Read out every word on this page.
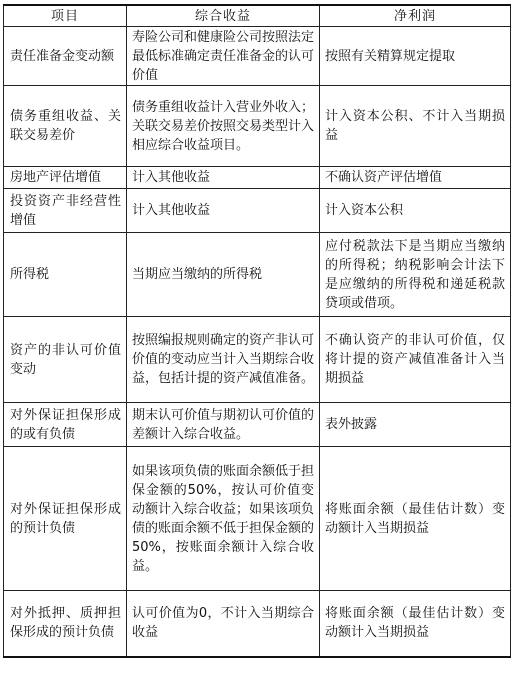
项目	综合收益	净利润
责任准备金变动额	寿险公司和健康险公司按照法定最低标准确定责任准备金的认可价值	按照有关精算规定提取
债务重组收益、关联交易差价	债务重组收益计入营业外收入；关联交易差价按照交易类型计入相应综合收益项目。	计入资本公积、不计入当期损益
房地产评估增值	计入其他收益	不确认资产评估增值
投资资产非经营性增值	计入其他收益	计入资本公积
所得税	当期应当缴纳的所得税	应付税款法下是当期应当缴纳的所得税；纳税影响会计法下是应缴纳的所得税和递延税款贷项或借项。
资产的非认可价值变动	按照编报规则确定的资产非认可价值的变动应当计入当期综合收益，包括计提的资产减值准备。	不确认资产的非认可价值，仅将计提的资产减值准备计入当期损益
对外保证担保形成的或有负债	期末认可价值与期初认可价值的差额计入综合收益。	表外披露
对外保证担保形成的预计负债	如果该项负债的账面余额低于担保金额的50%，按认可价值变动额计入综合收益；如果该项负债的账面余额不低于担保金额的50%，按账面余额计入综合收益。	将账面余额（最佳估计数）变动额计入当期损益
对外抵押、质押担保形成的预计负债	认可价值为0，不计入当期综合收益	将账面余额（最佳估计数）变动额计入当期损益
